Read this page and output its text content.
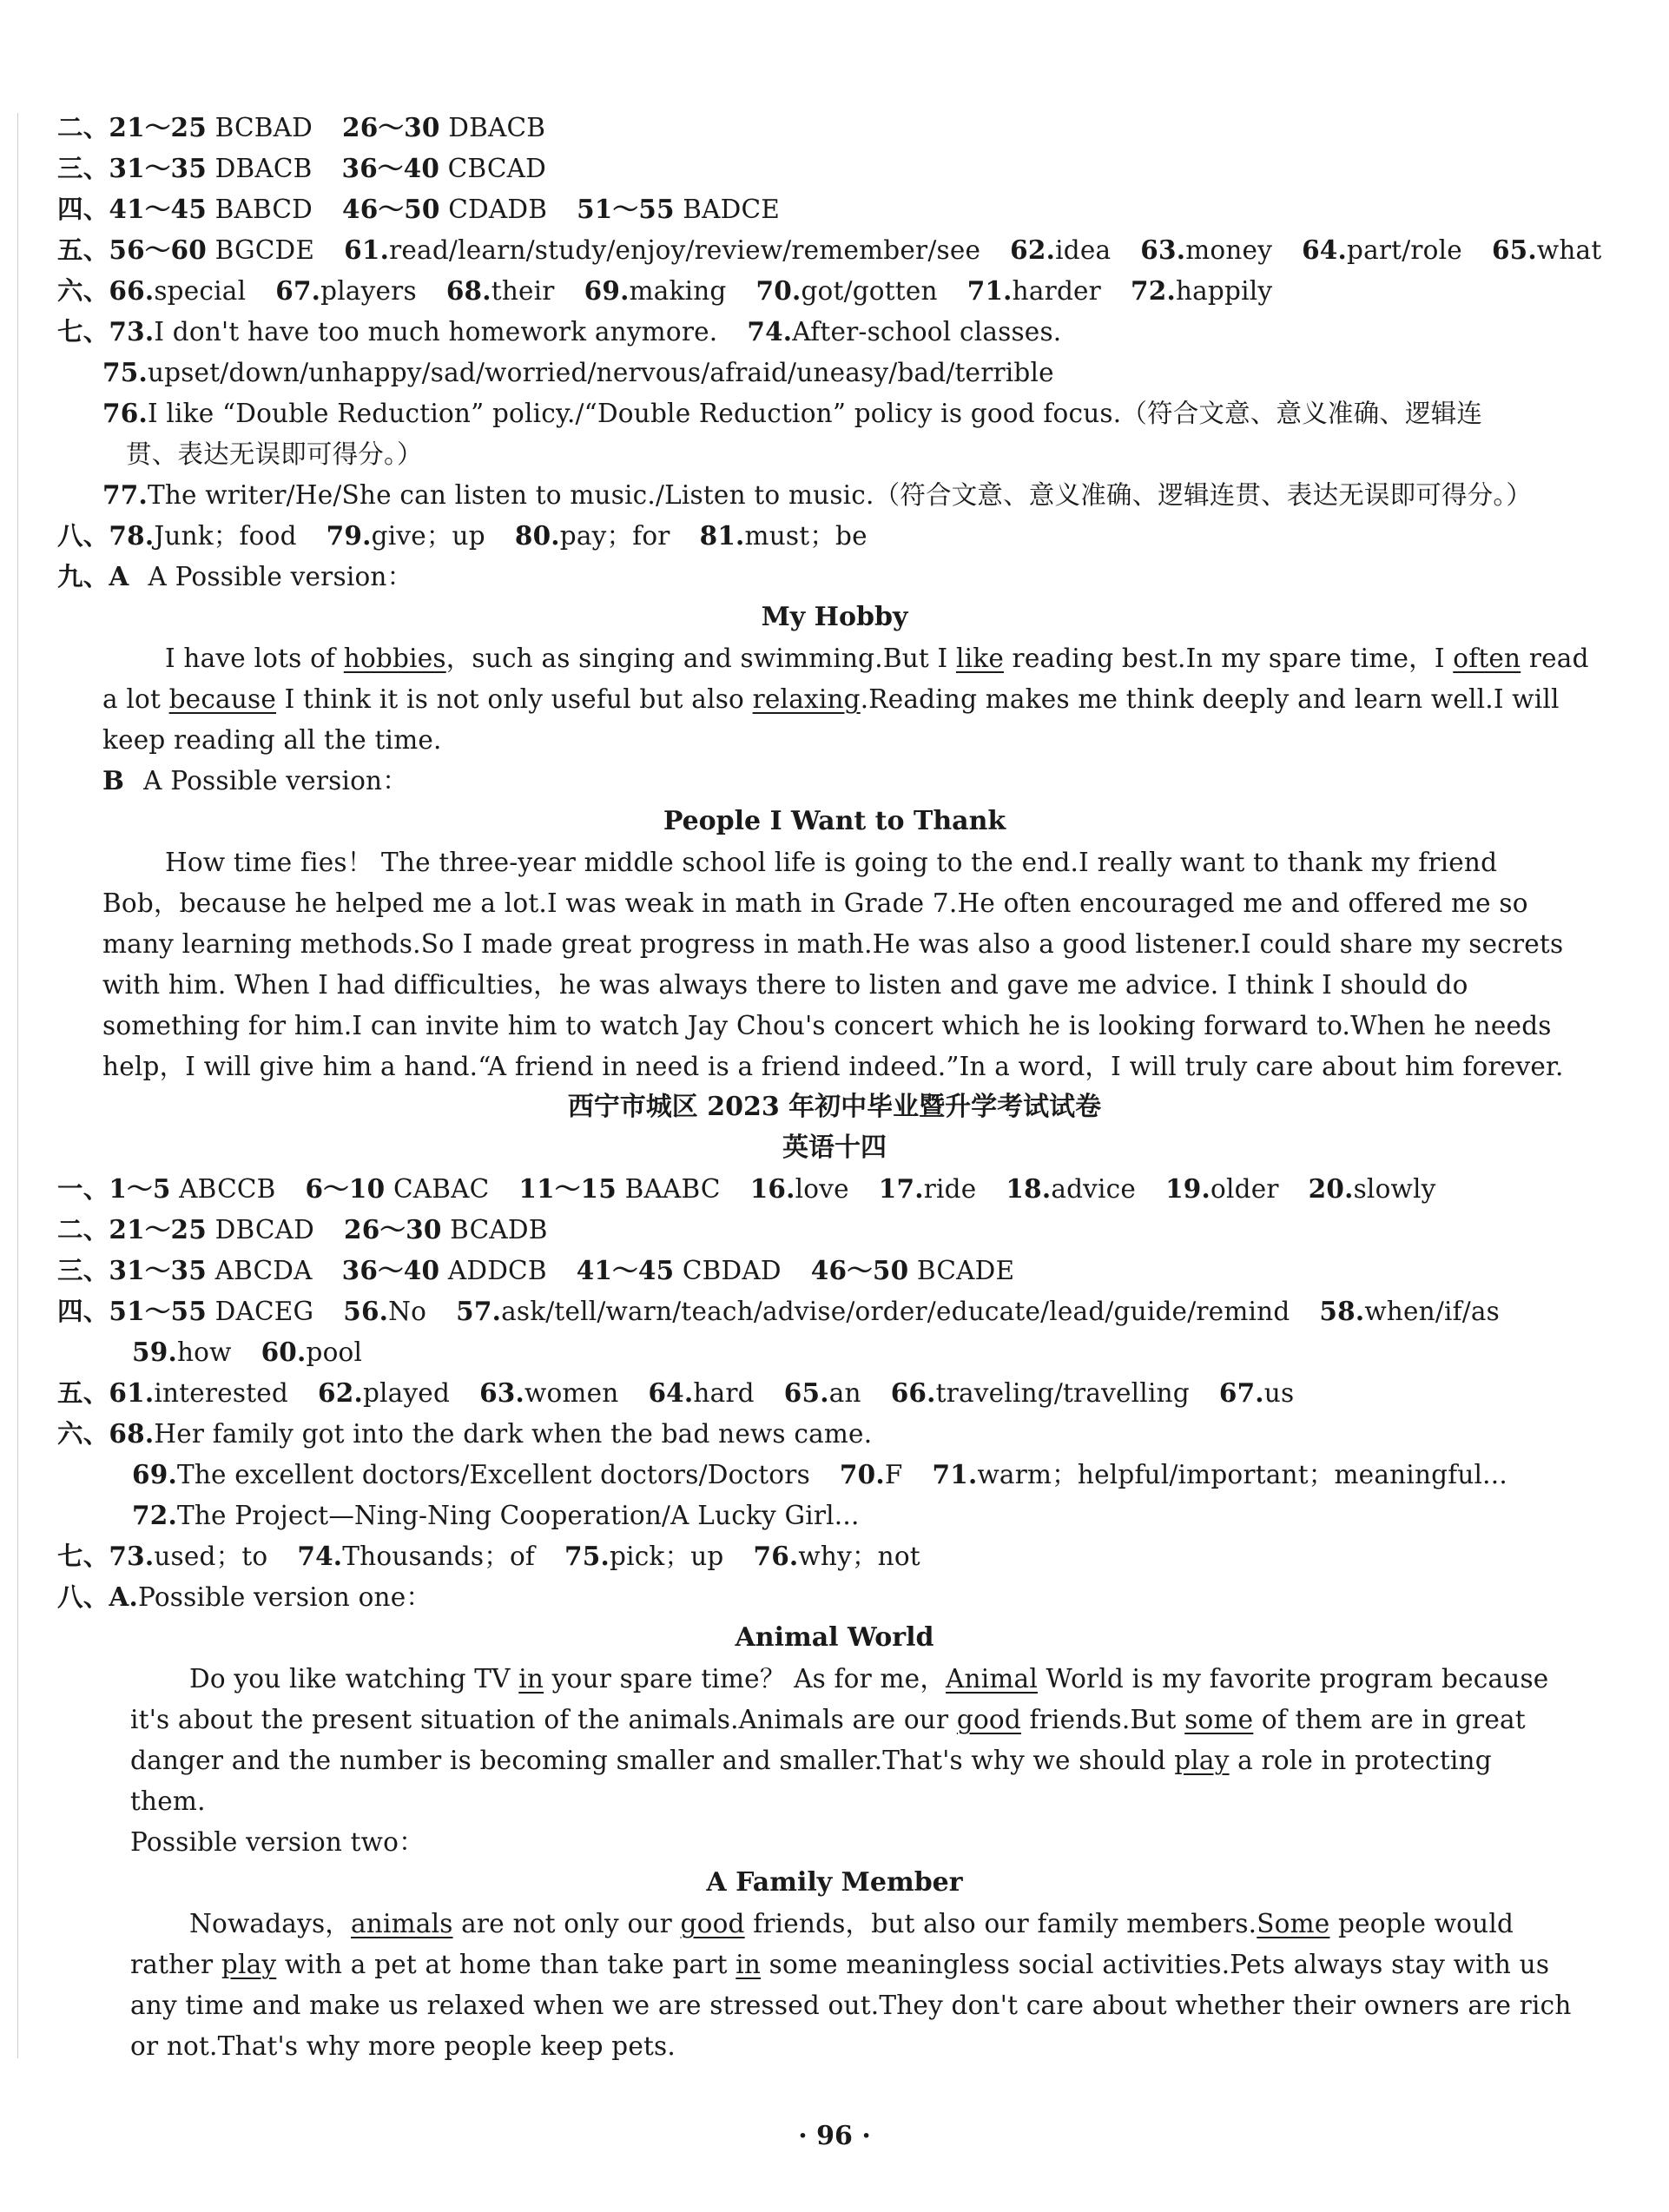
二、21～25 BCBAD 26～30 DBACB
三、31～35 DBACB 36～40 CBCAD
四、41～45 BABCD 46～50 CDADB 51～55 BADCE
五、56～60 BGCDE 61.read/learn/study/enjoy/review/remember/see 62.idea 63.money 64.part/role 65.what
六、66.special 67.players 68.their 69.making 70.got/gotten 71.harder 72.happily
七、73.I don't have too much homework anymore. 74.After-school classes.
75.upset/down/unhappy/sad/worried/nervous/afraid/uneasy/bad/terrible
76.I like “Double Reduction” policy./“Double Reduction” policy is good focus.（符合文意、意义准确、逻辑连
贯、表达无误即可得分。）
77.The writer/He/She can listen to music./Listen to music.（符合文意、意义准确、逻辑连贯、表达无误即可得分。）
八、78.Junk；food 79.give；up 80.pay；for 81.must；be
九、A A Possible version：
My Hobby
I have lots of hobbies，such as singing and swimming.But I like reading best.In my spare time，I often read
a lot because I think it is not only useful but also relaxing.Reading makes me think deeply and learn well.I will
keep reading all the time.
B A Possible version：
People I Want to Thank
How time fies！ The three-year middle school life is going to the end.I really want to thank my friend
Bob，because he helped me a lot.I was weak in math in Grade 7.He often encouraged me and offered me so
many learning methods.So I made great progress in math.He was also a good listener.I could share my secrets
with him. When I had difficulties，he was always there to listen and gave me advice. I think I should do
something for him.I can invite him to watch Jay Chou's concert which he is looking forward to.When he needs
help，I will give him a hand.“A friend in need is a friend indeed.”In a word，I will truly care about him forever.
西宁市城区 2023 年初中毕业暨升学考试试卷
英语十四
一、1～5 ABCCB 6～10 CABAC 11～15 BAABC 16.love 17.ride 18.advice 19.older 20.slowly
二、21～25 DBCAD 26～30 BCADB
三、31～35 ABCDA 36～40 ADDCB 41～45 CBDAD 46～50 BCADE
四、51～55 DACEG 56.No 57.ask/tell/warn/teach/advise/order/educate/lead/guide/remind 58.when/if/as
59.how 60.pool
五、61.interested 62.played 63.women 64.hard 65.an 66.traveling/travelling 67.us
六、68.Her family got into the dark when the bad news came.
69.The excellent doctors/Excellent doctors/Doctors 70.F 71.warm；helpful/important；meaningful...
72.The Project—Ning-Ning Cooperation/A Lucky Girl...
七、73.used；to 74.Thousands；of 75.pick；up 76.why；not
八、A.Possible version one：
Animal World
Do you like watching TV in your spare time？ As for me，Animal World is my favorite program because
it's about the present situation of the animals.Animals are our good friends.But some of them are in great
danger and the number is becoming smaller and smaller.That's why we should play a role in protecting
them.
Possible version two：
A Family Member
Nowadays，animals are not only our good friends，but also our family members.Some people would
rather play with a pet at home than take part in some meaningless social activities.Pets always stay with us
any time and make us relaxed when we are stressed out.They don't care about whether their owners are rich
or not.That's why more people keep pets.
· 96 ·
